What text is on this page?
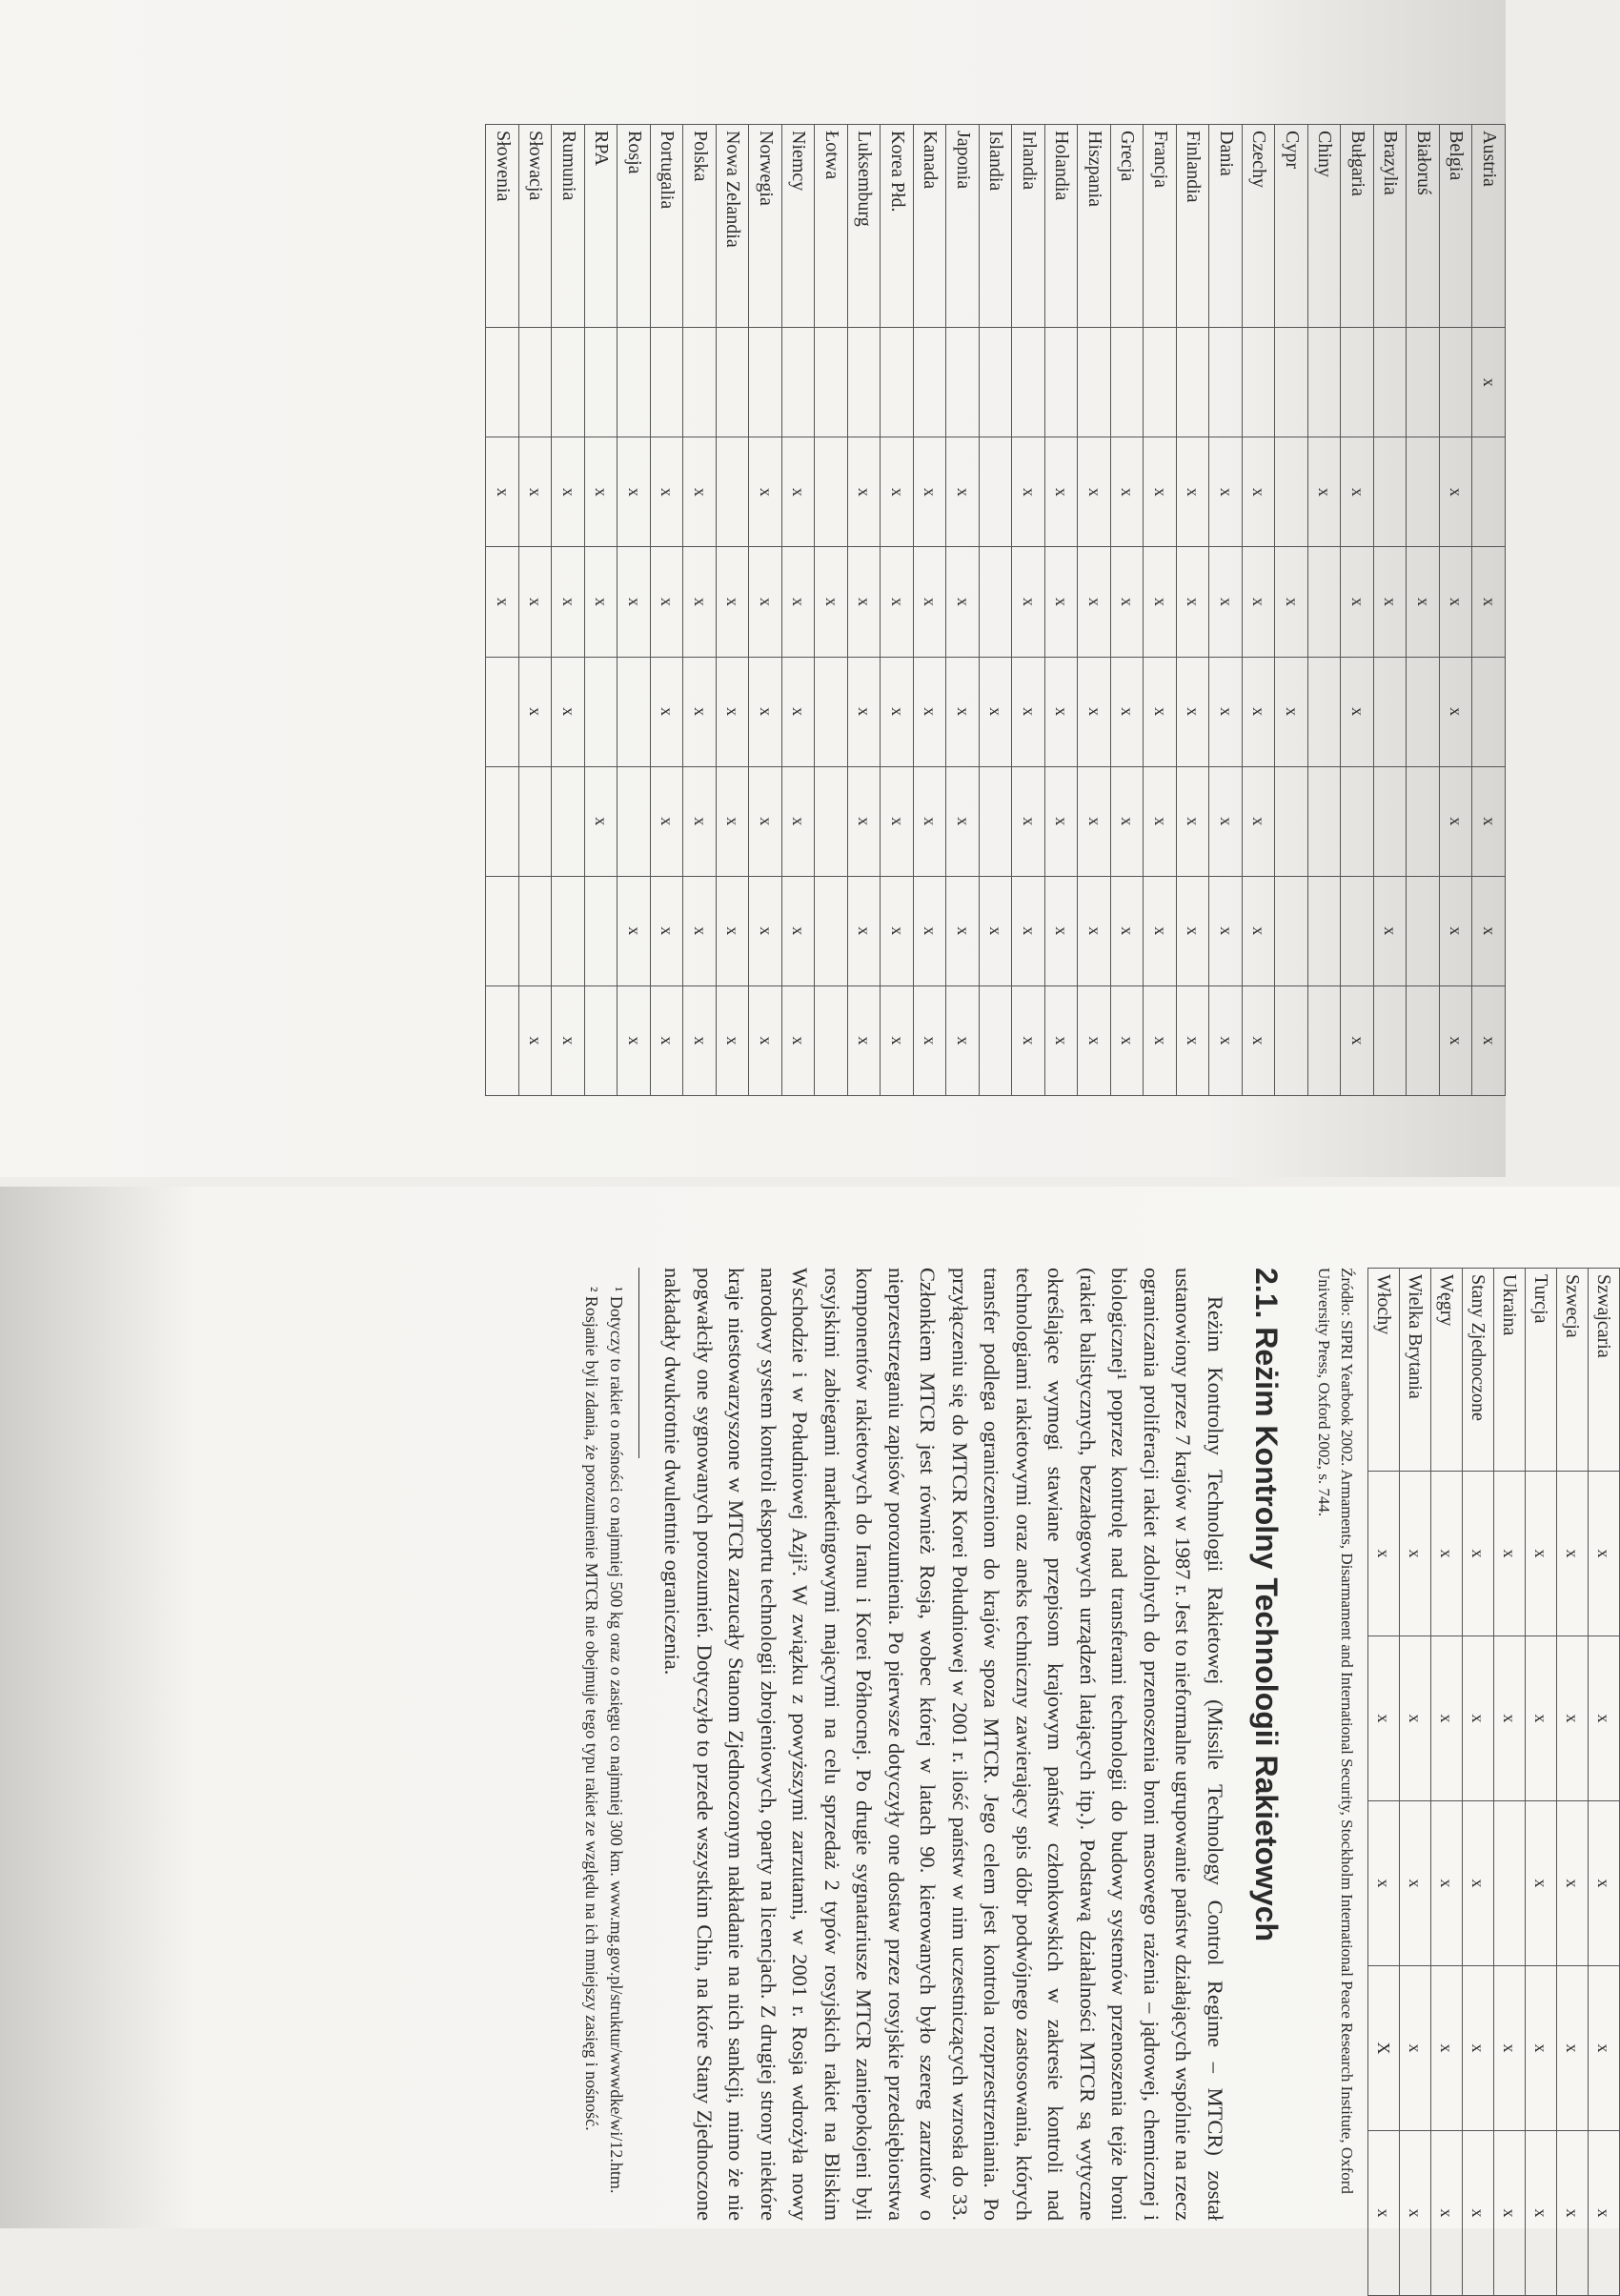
Austria	x		x		x	x	x
Belgia		x	x	x	x	x	x
Białoruś			x				
Brazylia			x			x	
Bułgaria		x	x	x			x
Chiny		x					
Cypr			x	x			
Czechy		x	x	x	x	x	x
Dania		x	x	x	x	x	x
Finlandia		x	x	x	x	x	x
Francja		x	x	x	x	x	x
Grecja		x	x	x	x	x	x
Hiszpania		x	x	x	x	x	x
Holandia		x	x	x	x	x	x
Irlandia		x	x	x	x	x	x
Islandia				x		x	
Japonia		x	x	x	x	x	x
Kanada		x	x	x	x	x	x
Korea Płd.		x	x	x	x	x	x
Luksemburg		x	x	x	x	x	x
Łotwa			x				
Niemcy		x	x	x	x	x	x
Norwegia		x	x	x	x	x	x
Nowa Zelandia			x	x	x	x	x
Polska		x	x	x	x	x	x
Portugalia		x	x	x	x	x	x
Rosja		x	x			x	x
RPA		x	x		x		
Rumunia		x	x	x			x
Słowacja		x	x	x			x
Słowenia		x	x				
Szwajcaria	x	x	x	x	x
Szwecja	x	x	x	x	x
Turcja	x	x	x	x	x
Ukraina	x	x		x	x
Stany Zjednoczone	x	x	x	x	x
Węgry	x	x	x	x	x
Wielka Brytania	x	x	x	x	x
Włochy	x	x	x	X	x

Źródło: SIPRI Yearbook 2002. Armaments, Disarmament and International Security, Stockholm International Peace Research Institute, Oxford University Press, Oxford 2002, s. 744.

2.1. Reżim Kontrolny Technologii Rakietowych

Reżim Kontrolny Technologii Rakietowej (Missile Technology Control Regime – MTCR) został ustanowiony przez 7 krajów w 1987 r. Jest to nieformalne ugrupowanie państw działających wspólnie na rzecz ograniczania proliferacji rakiet zdolnych do przenoszenia broni masowego rażenia – jądrowej, chemicznej i biologicznej¹ poprzez kontrolę nad transferami technologii do budowy systemów przenoszenia tejże broni (rakiet balistycznych, bezzałogowych urządzeń latających itp.). Podstawą działalności MTCR są wytyczne określające wymogi stawiane przepisom krajowym państw członkowskich w zakresie kontroli nad technologiami rakietowymi oraz aneks techniczny zawierający spis dóbr podwójnego zastosowania, których transfer podlega ograniczeniom do krajów spoza MTCR. Jego celem jest kontrola rozprzestrzeniania. Po przyłączeniu się do MTCR Korei Południowej w 2001 r. ilość państw w nim uczestniczących wzrosła do 33. Członkiem MTCR jest również Rosja, wobec której w latach 90. kierowanych było szereg zarzutów o nieprzestrzeganiu zapisów porozumienia. Po pierwsze dotyczyły one dostaw przez rosyjskie przedsiębiorstwa komponentów rakietowych do Iranu i Korei Północnej. Po drugie sygnatariusze MTCR zaniepokojeni byli rosyjskimi zabiegami marketingowymi mającymi na celu sprzedaż 2 typów rosyjskich rakiet na Bliskim Wschodzie i w Południowej Azji². W związku z powyższymi zarzutami, w 2001 r. Rosja wdrożyła nowy narodowy system kontroli eksportu technologii zbrojeniowych, oparty na licencjach. Z drugiej strony niektóre kraje niestowarzyszone w MTCR zarzucały Stanom Zjednoczonym nakładanie na nich sankcji, mimo że nie pogwałciły one sygnowanych porozumień. Dotyczyło to przede wszystkim Chin, na które Stany Zjednoczone nakładały dwukrotnie dwulentnie ograniczenia.

¹ Dotyczy to rakiet o nośności co najmniej 500 kg oraz o zasięgu co najmniej 300 km. www.mg.gov.pl/struktur/wwwdke/wi/12.htm.

² Rosjanie byli zdania, że porozumienie MTCR nie obejmuje tego typu rakiet ze względu na ich mniejszy zasięg i nośność.
